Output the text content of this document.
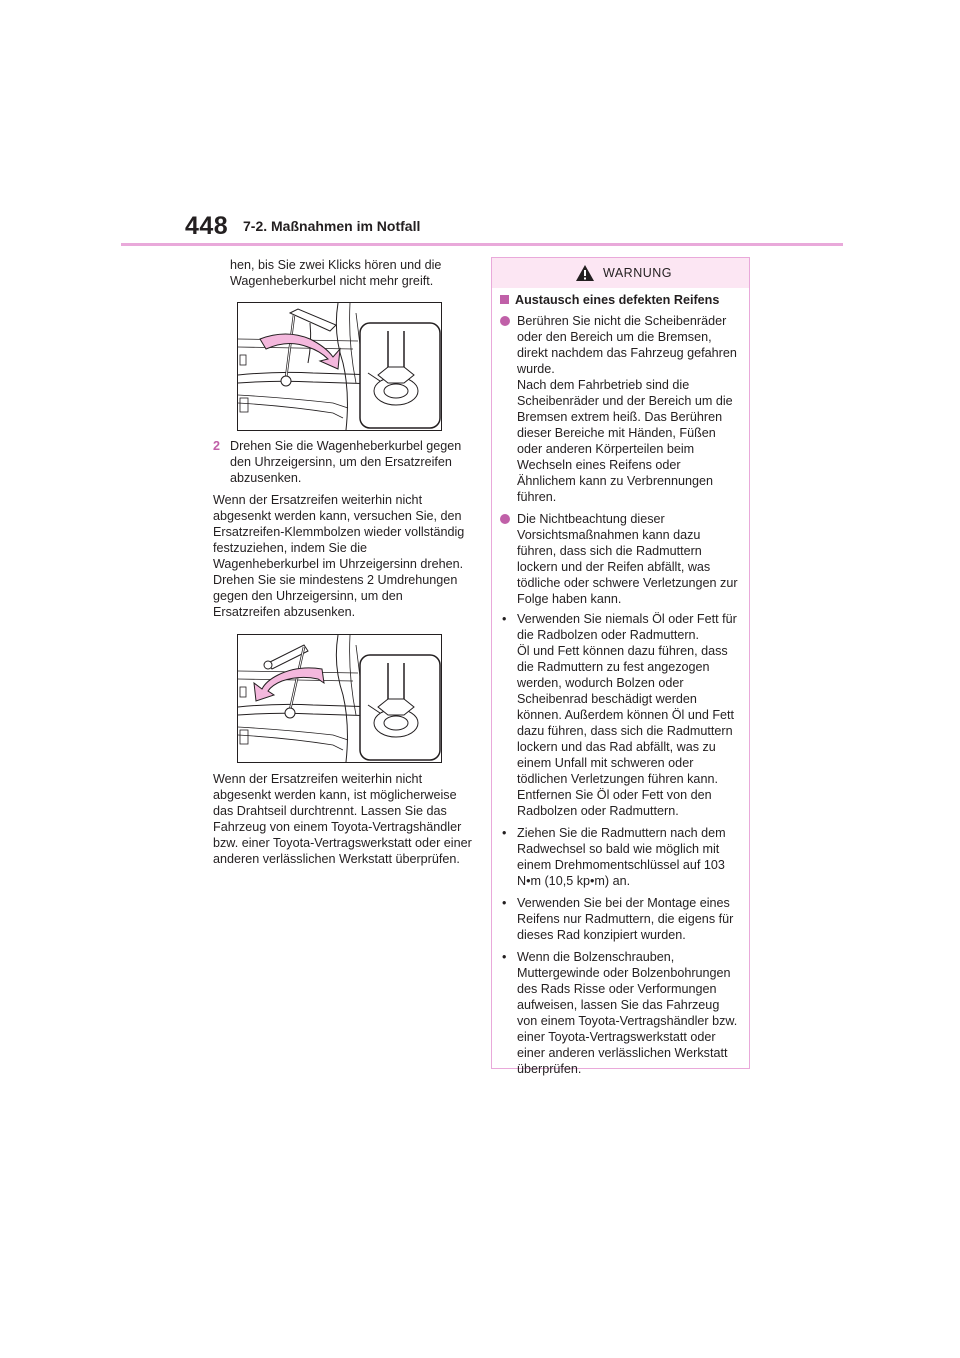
448 7-2. Maßnahmen im Notfall

hen, bis Sie zwei Klicks hören und die Wagenheberkurbel nicht mehr greift.

2 Drehen Sie die Wagenheberkurbel gegen den Uhrzeigersinn, um den Ersatzreifen abzusenken.

Wenn der Ersatzreifen weiterhin nicht abgesenkt werden kann, versuchen Sie, den Ersatzreifen-Klemmbolzen wieder vollständig festzuziehen, indem Sie die Wagenheberkurbel im Uhrzeigersinn drehen. Drehen Sie sie mindestens 2 Umdrehungen gegen den Uhrzeigersinn, um den Ersatzreifen abzusenken.

Wenn der Ersatzreifen weiterhin nicht abgesenkt werden kann, ist möglicherweise das Drahtseil durchtrennt. Lassen Sie das Fahrzeug von einem Toyota-Vertragshändler bzw. einer Toyota-Vertragswerkstatt oder einer anderen verlässlichen Werkstatt überprüfen.

WARNUNG
Austausch eines defekten Reifens
Berühren Sie nicht die Scheibenräder oder den Bereich um die Bremsen, direkt nachdem das Fahrzeug gefahren wurde.
Nach dem Fahrbetrieb sind die Scheibenräder und der Bereich um die Bremsen extrem heiß. Das Berühren dieser Bereiche mit Händen, Füßen oder anderen Körperteilen beim Wechseln eines Reifens oder Ähnlichem kann zu Verbrennungen führen.
Die Nichtbeachtung dieser Vorsichtsmaßnahmen kann dazu führen, dass sich die Radmuttern lockern und der Reifen abfällt, was tödliche oder schwere Verletzungen zur Folge haben kann.
• Verwenden Sie niemals Öl oder Fett für die Radbolzen oder Radmuttern.
Öl und Fett können dazu führen, dass die Radmuttern zu fest angezogen werden, wodurch Bolzen oder Scheibenrad beschädigt werden können. Außerdem können Öl und Fett dazu führen, dass sich die Radmuttern lockern und das Rad abfällt, was zu einem Unfall mit schweren oder tödlichen Verletzungen führen kann. Entfernen Sie Öl oder Fett von den Radbolzen oder Radmuttern.
• Ziehen Sie die Radmuttern nach dem Radwechsel so bald wie möglich mit einem Drehmomentschlüssel auf 103 N•m (10,5 kp•m) an.
• Verwenden Sie bei der Montage eines Reifens nur Radmuttern, die eigens für dieses Rad konzipiert wurden.
• Wenn die Bolzenschrauben, Muttergewinde oder Bolzenbohrungen des Rads Risse oder Verformungen aufweisen, lassen Sie das Fahrzeug von einem Toyota-Vertragshändler bzw. einer Toyota-Vertragswerkstatt oder einer anderen verlässlichen Werkstatt überprüfen.
